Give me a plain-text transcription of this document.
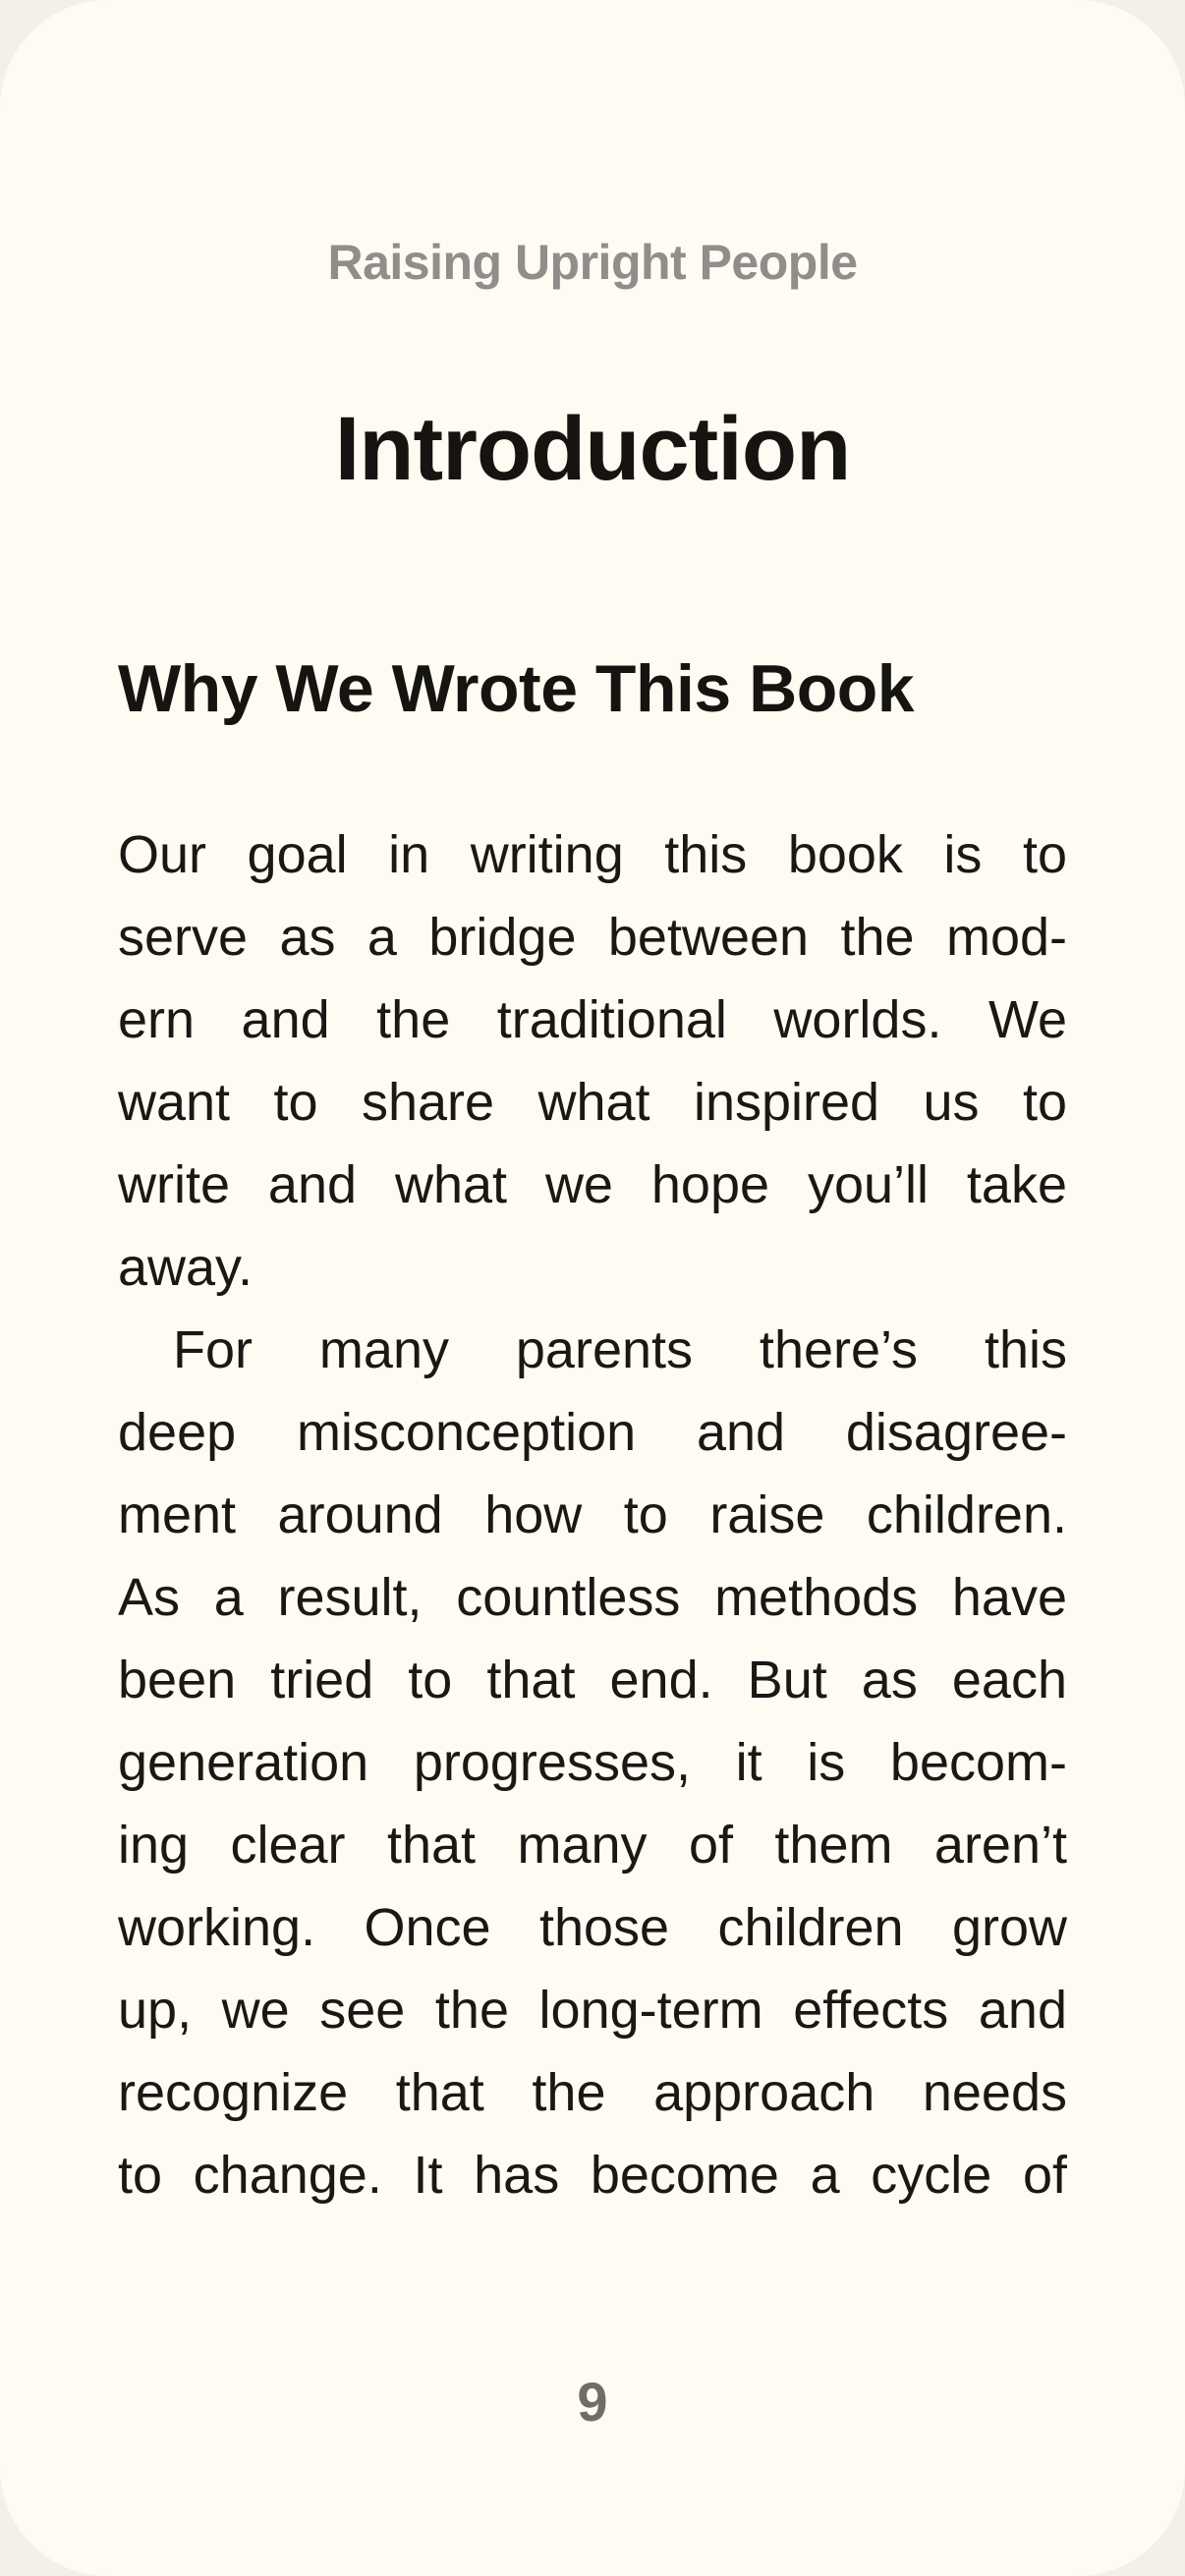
Raising Upright People
Introduction
Why We Wrote This Book
Our goal in writing this book is to
serve as a bridge between the mod-
ern and the traditional worlds. We
want to share what inspired us to
write and what we hope you’ll take
away.
For many parents there’s this
deep misconception and disagree-
ment around how to raise children.
As a result, countless methods have
been tried to that end. But as each
generation progresses, it is becom-
ing clear that many of them aren’t
working. Once those children grow
up, we see the long-term effects and
recognize that the approach needs
to change. It has become a cycle of
9
